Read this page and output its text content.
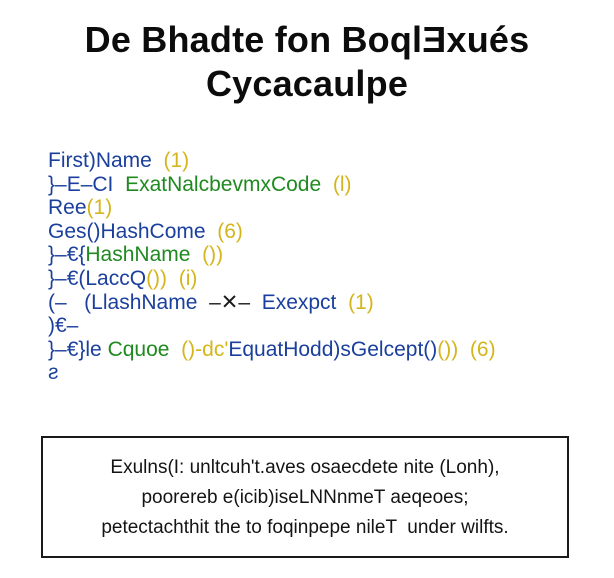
De Bhadte fon BoqlƎxués
Cycacaulpe
First)Name  (1)
}–E–CI  ExatNalcbevmxCode  (l)
Ree(1)
Ges()HashCome  (6)
}–€{HashName  ())
}–€(LaccQ())  (i)
(–   (LlashName  –✕–  Exexpct  (1)
)€–
}–€}le Cquoe  ()-dc'EquatHodd)sGelcept()())  (6)
ƨ
Exulns(I: unltcuh't.aves osaecdete nite (Lonh),
poorereb e(icib)iseLNNnmeT aeqeoes;
petectachthit the to foqinpepe nileT  under wilfts.
